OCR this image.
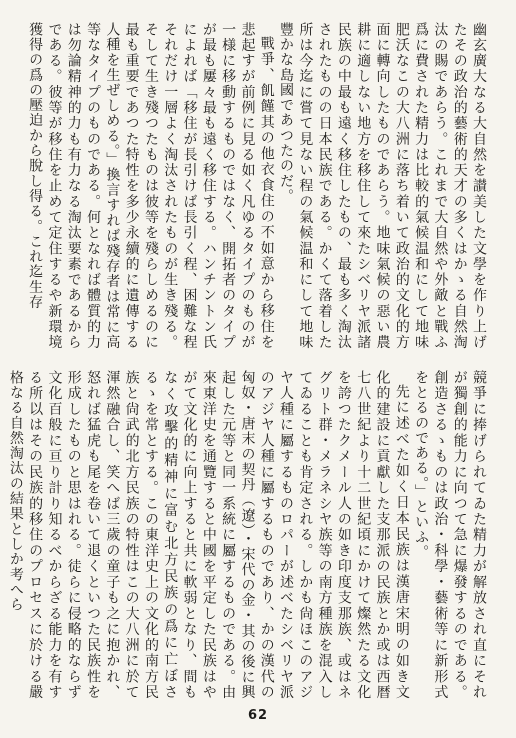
幽玄廣大なる大自然を讃美した文學を作り上げたその政治的藝術的天才の多くはかゝる自然淘汰の賜であらう。これまで大自然や外敵と戰ふ爲に費された精力は比較的氣候温和にして地味肥沃なこの大八洲に落ち着いて政治的文化的方面に轉向したものであらう。地味氣候の惡い農耕に適しない地方を移住して來たシベリヤ派諸民族の中最も遠く移住したもの、最も多く淘汰されたものの日本民族である。かくて落着した所は今迄に嘗て見ない程の氣候温和にして地味豐かな島國であつたのだ。

戰爭、飢饉其の他衣食住の不如意から移住を悲起すが前例に見る如く凡ゆるタイプのものが一様に移動するものではなく、開拓者のタイプが最も屢々最も遠く移住する。ハンチントン氏によれば「移住が長引けば長引く程、困難な程それだけ一層よく淘汰されたものが生き殘る。そして生き殘つたものは彼等を殘らしめるのに最も重要であつた特性を多少永續的に遺傳する人種を生ぜしめる。」換言すれば殘存者は常に高等なタイプのものである。何となれば體質的力は勿論精神的力も有力なる淘汰要素であるからである。彼等が移住を止めて定住するや新環境獲得の爲の壓迫から脫し得る。これ迄生存

競爭に捧げられてゐた精力が解放され直にそれが獨創的能力に向つて急に爆發するのである。創造さるゝものは政治・科學・藝術等に新形式をとるのである。」といふ。

先に述べた如く日本民族は漢唐宋明の如き文化的建設に貢獻した支那派の民族とか或は西暦七八世紀より十二世紀頃にかけて燦然たる文化を誇つたクメール人の如き印度支那族、或はネグリト群・メラネシヤ族等の南方種族を混入してゐることも肯定される。しかも尙ほこのアジヤ人種に屬するものロパーが述べたシベリヤ派のアジヤ人種に屬するものであり、かの漢代の匈奴・唐末の契丹（遼）・宋代の金・其の後に興起した元等と同一系統に屬するものである。由來東洋史を通覽すると中國を平定した民族はやがて文化的に向上すると共に軟弱となり、間もなく攻擊的精神に富む北方民族の爲に亡ぼさるゝを常とする。この東洋史上の文化的南方民族と尙武的北方民族の特性はこの大八洲に於て渾然融合し、笑へば三歲の童子も之に抱かれ、怒れば猛虎も尾を卷いて退くといつた民族性を形成したものと思はれる。徒らに侵略的ならず文化百般に亘り計り知るべからざる能力を有する所以はその民族的移住のプロセスに於ける嚴格なる自然淘汰の結果としか考へら

62
